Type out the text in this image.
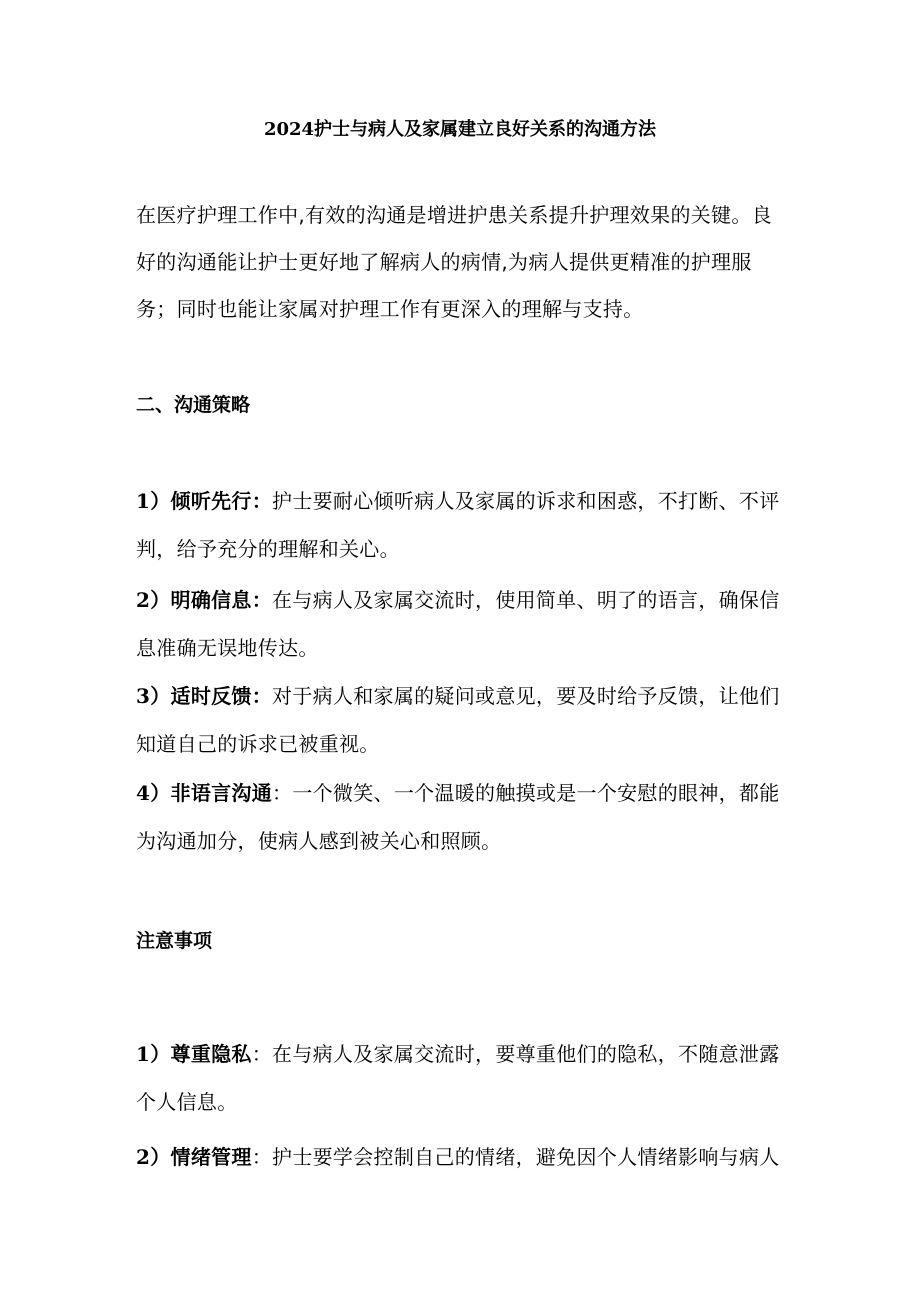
2024护士与病人及家属建立良好关系的沟通方法
在医疗护理工作中,有效的沟通是增进护患关系提升护理效果的关键。良好的沟通能让护士更好地了解病人的病情,为病人提供更精准的护理服务；同时也能让家属对护理工作有更深入的理解与支持。
二、沟通策略
1）倾听先行：护士要耐心倾听病人及家属的诉求和困惑，不打断、不评判，给予充分的理解和关心。
2）明确信息：在与病人及家属交流时，使用简单、明了的语言，确保信息准确无误地传达。
3）适时反馈：对于病人和家属的疑问或意见，要及时给予反馈，让他们知道自己的诉求已被重视。
4）非语言沟通：一个微笑、一个温暖的触摸或是一个安慰的眼神，都能为沟通加分，使病人感到被关心和照顾。
注意事项
1）尊重隐私：在与病人及家属交流时，要尊重他们的隐私，不随意泄露个人信息。
2）情绪管理：护士要学会控制自己的情绪，避免因个人情绪影响与病人
